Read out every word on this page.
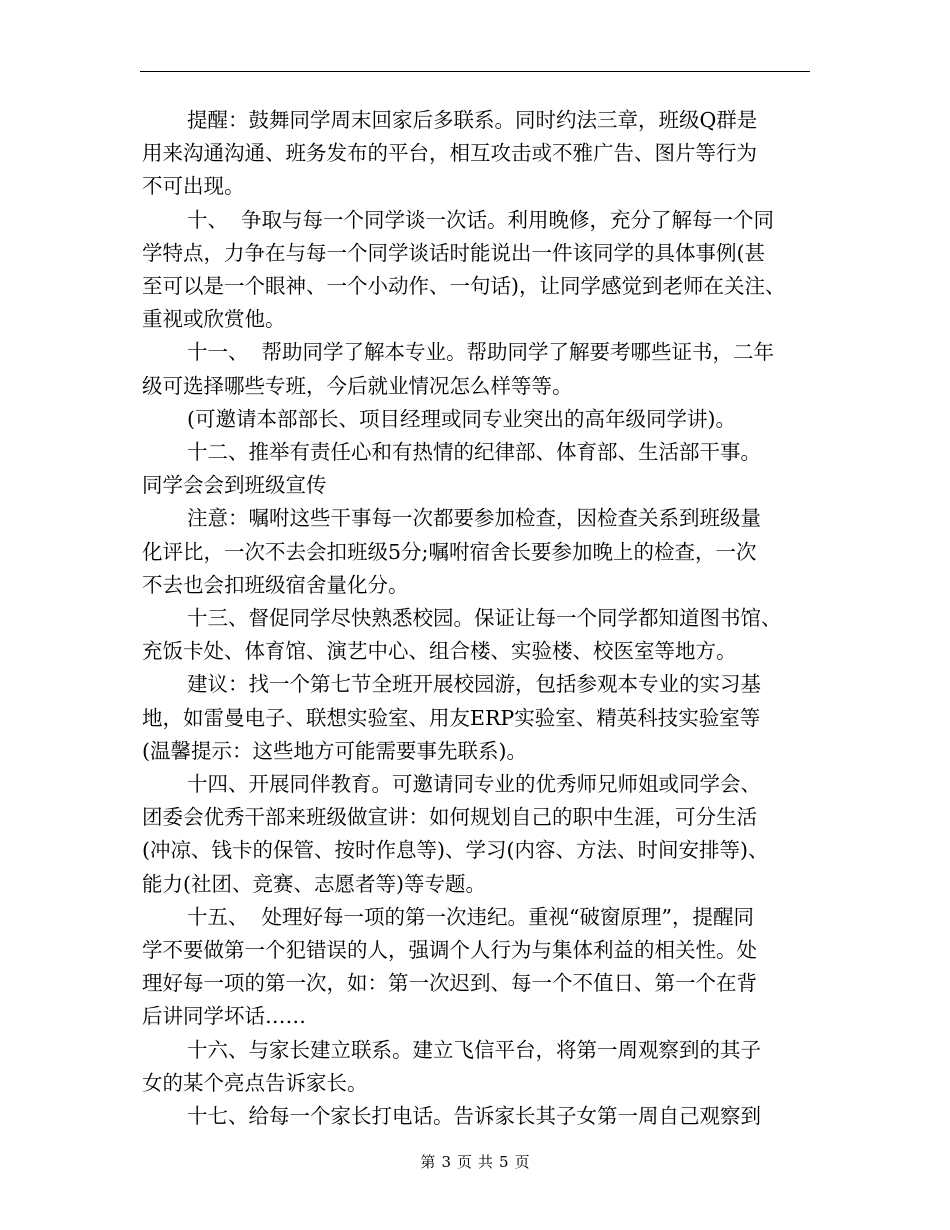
提醒：鼓舞同学周末回家后多联系。同时约法三章，班级Q群是
用来沟通沟通、班务发布的平台，相互攻击或不雅广告、图片等行为
不可出现。
十、  争取与每一个同学谈一次话。利用晚修，充分了解每一个同
学特点，力争在与每一个同学谈话时能说出一件该同学的具体事例(甚
至可以是一个眼神、一个小动作、一句话)，让同学感觉到老师在关注、
重视或欣赏他。
十一、  帮助同学了解本专业。帮助同学了解要考哪些证书，二年
级可选择哪些专班，今后就业情况怎么样等等。
(可邀请本部部长、项目经理或同专业突出的高年级同学讲)。
十二、推举有责任心和有热情的纪律部、体育部、生活部干事。
同学会会到班级宣传
注意：嘱咐这些干事每一次都要参加检查，因检查关系到班级量
化评比，一次不去会扣班级5分;嘱咐宿舍长要参加晚上的检查，一次
不去也会扣班级宿舍量化分。
十三、督促同学尽快熟悉校园。保证让每一个同学都知道图书馆、
充饭卡处、体育馆、演艺中心、组合楼、实验楼、校医室等地方。
建议：找一个第七节全班开展校园游，包括参观本专业的实习基
地，如雷曼电子、联想实验室、用友ERP实验室、精英科技实验室等
(温馨提示：这些地方可能需要事先联系)。
十四、开展同伴教育。可邀请同专业的优秀师兄师姐或同学会、
团委会优秀干部来班级做宣讲：如何规划自己的职中生涯，可分生活
(冲凉、钱卡的保管、按时作息等)、学习(内容、方法、时间安排等)、
能力(社团、竞赛、志愿者等)等专题。
十五、  处理好每一项的第一次违纪。重视“破窗原理”，提醒同
学不要做第一个犯错误的人，强调个人行为与集体利益的相关性。处
理好每一项的第一次，如：第一次迟到、每一个不值日、第一个在背
后讲同学坏话……
十六、与家长建立联系。建立飞信平台，将第一周观察到的其子
女的某个亮点告诉家长。
十七、给每一个家长打电话。告诉家长其子女第一周自己观察到
第 3 页 共 5 页
